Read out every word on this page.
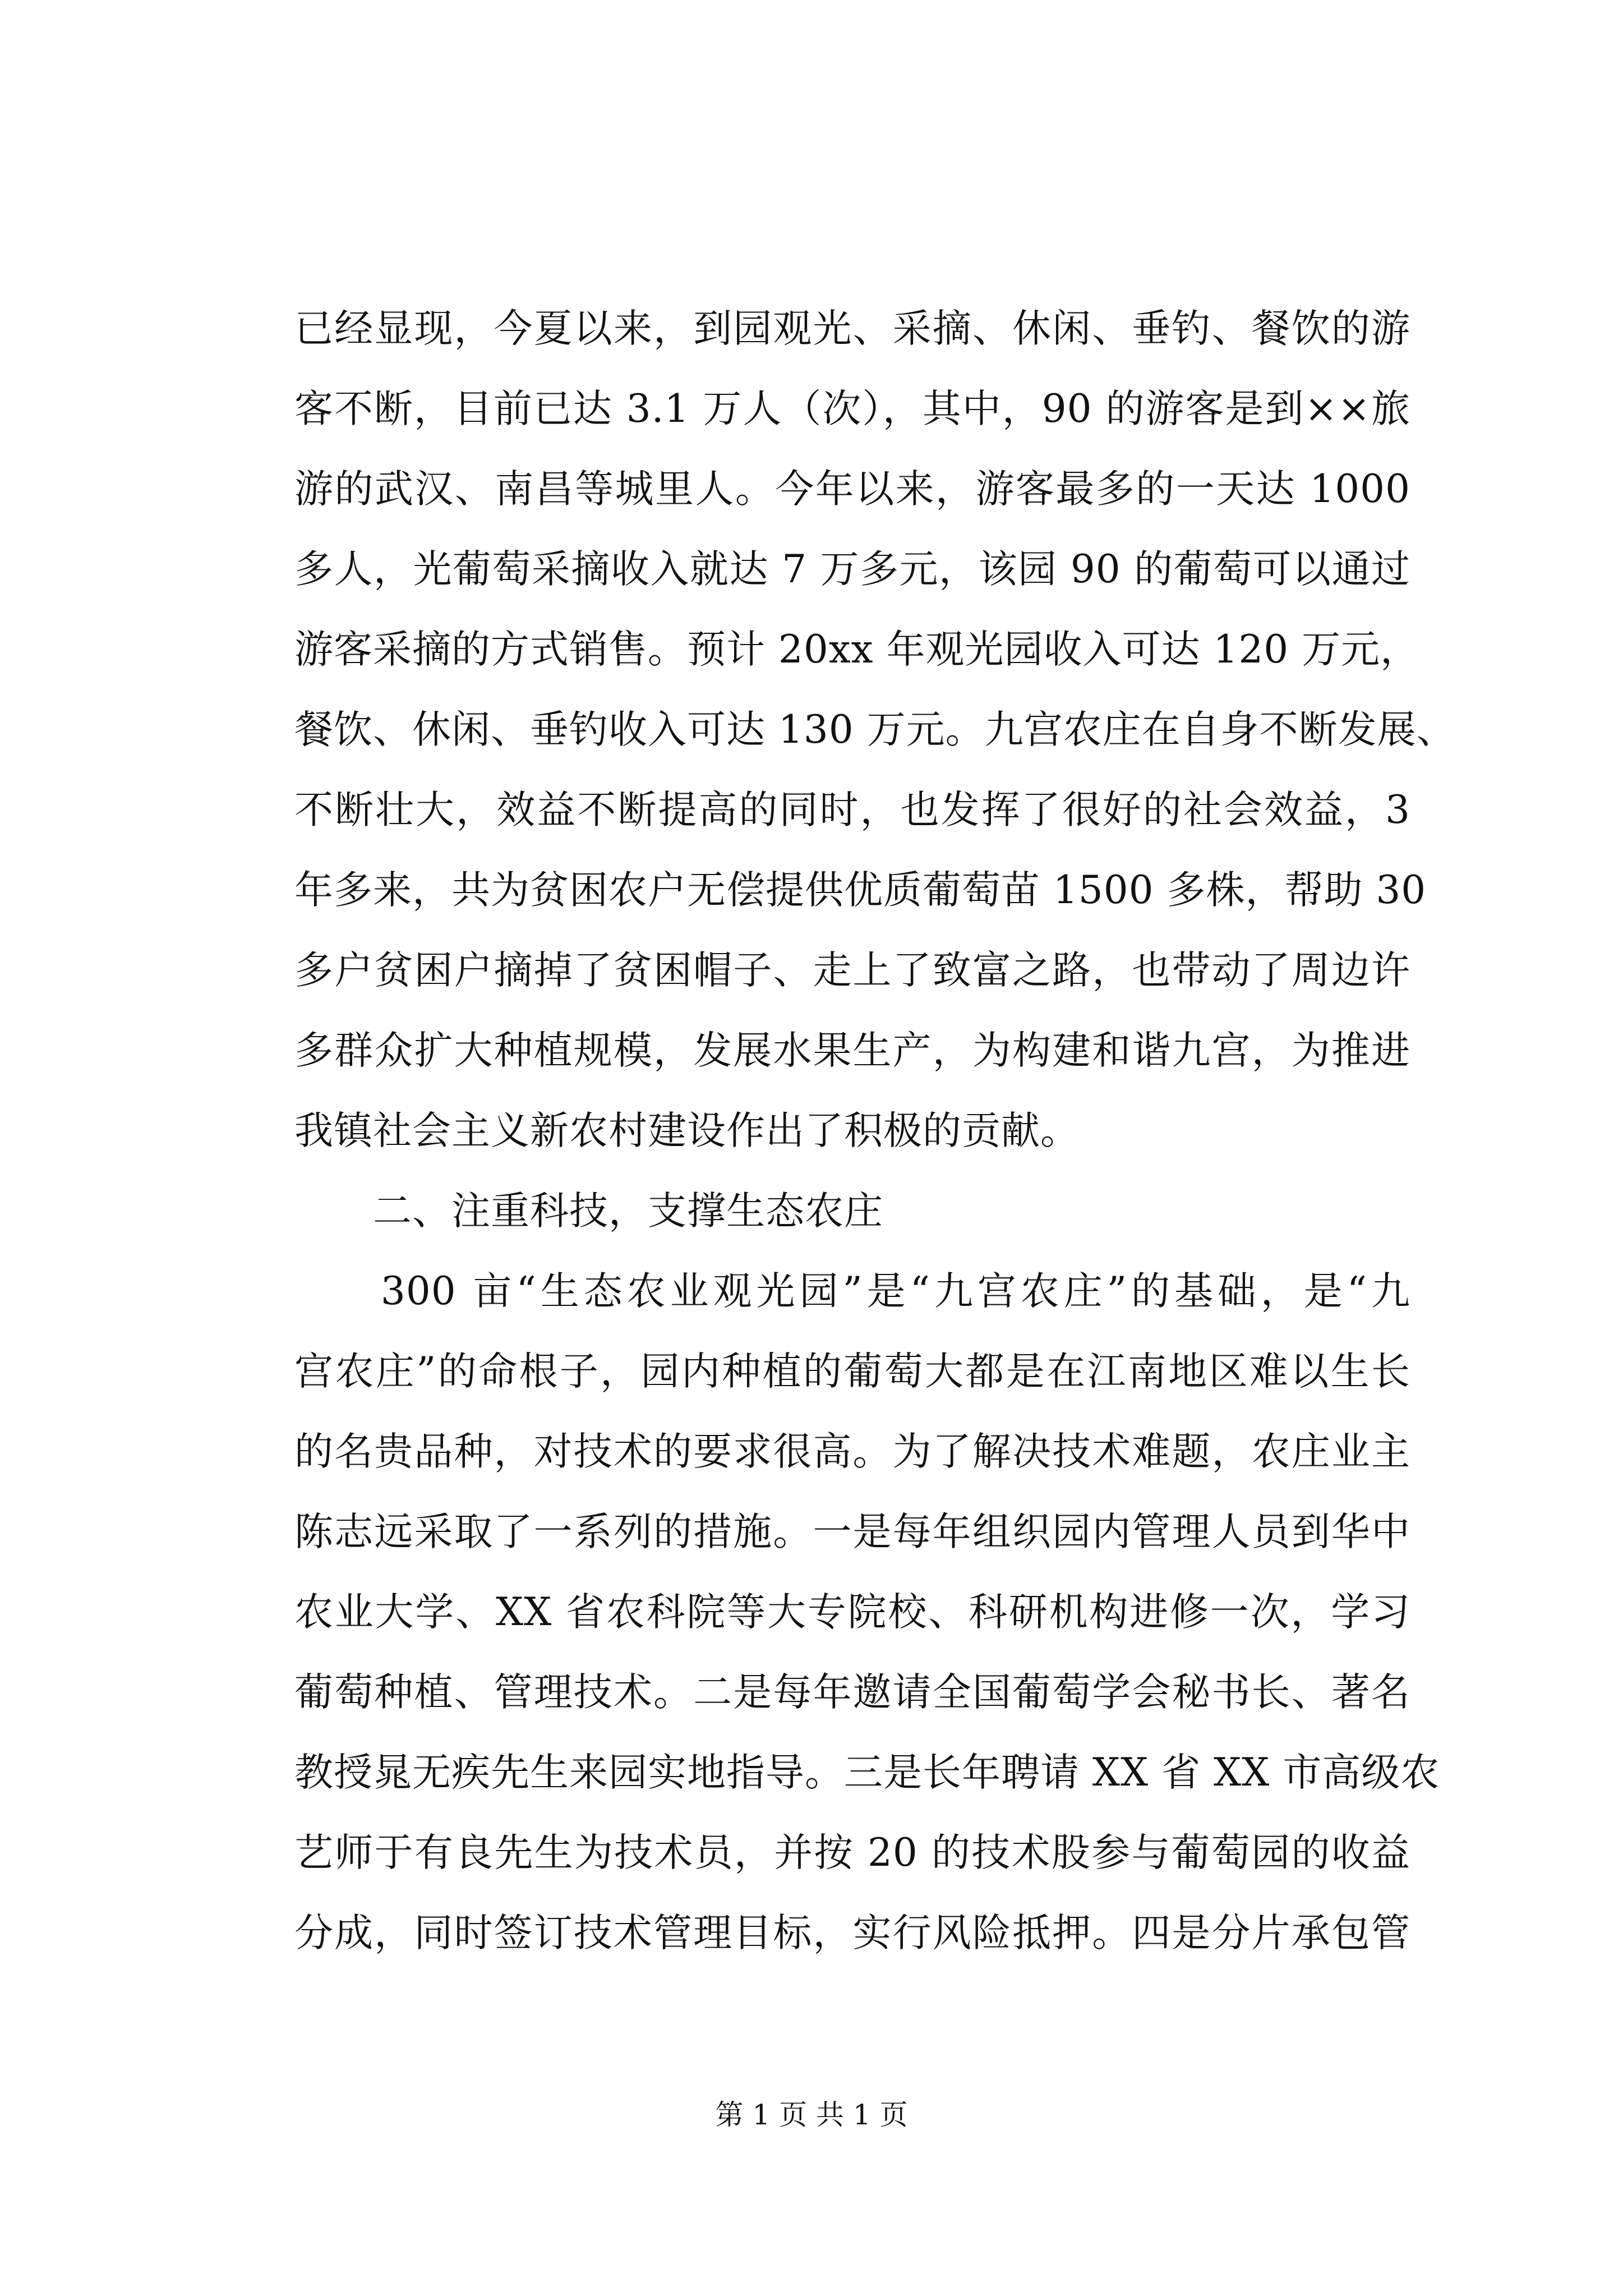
已经显现，今夏以来，到园观光、采摘、休闲、垂钓、餐饮的游
客不断，目前已达 3.1 万人（次），其中，90 的游客是到××旅
游的武汉、南昌等城里人。今年以来，游客最多的一天达 1000
多人，光葡萄采摘收入就达 7 万多元，该园 90 的葡萄可以通过
游客采摘的方式销售。预计 20xx 年观光园收入可达 120 万元，
餐饮、休闲、垂钓收入可达 130 万元。九宫农庄在自身不断发展、
不断壮大，效益不断提高的同时，也发挥了很好的社会效益，3
年多来，共为贫困农户无偿提供优质葡萄苗 1500 多株，帮助 30
多户贫困户摘掉了贫困帽子、走上了致富之路，也带动了周边许
多群众扩大种植规模，发展水果生产，为构建和谐九宫，为推进
我镇社会主义新农村建设作出了积极的贡献。
　　二、注重科技，支撑生态农庄
　　300 亩“生态农业观光园”是“九宫农庄”的基础，是“九
宫农庄”的命根子，园内种植的葡萄大都是在江南地区难以生长
的名贵品种，对技术的要求很高。为了解决技术难题，农庄业主
陈志远采取了一系列的措施。一是每年组织园内管理人员到华中
农业大学、XX 省农科院等大专院校、科研机构进修一次，学习
葡萄种植、管理技术。二是每年邀请全国葡萄学会秘书长、著名
教授晁无疾先生来园实地指导。三是长年聘请 XX 省 XX 市高级农
艺师于有良先生为技术员，并按 20 的技术股参与葡萄园的收益
分成，同时签订技术管理目标，实行风险抵押。四是分片承包管
第 1 页 共 1 页
